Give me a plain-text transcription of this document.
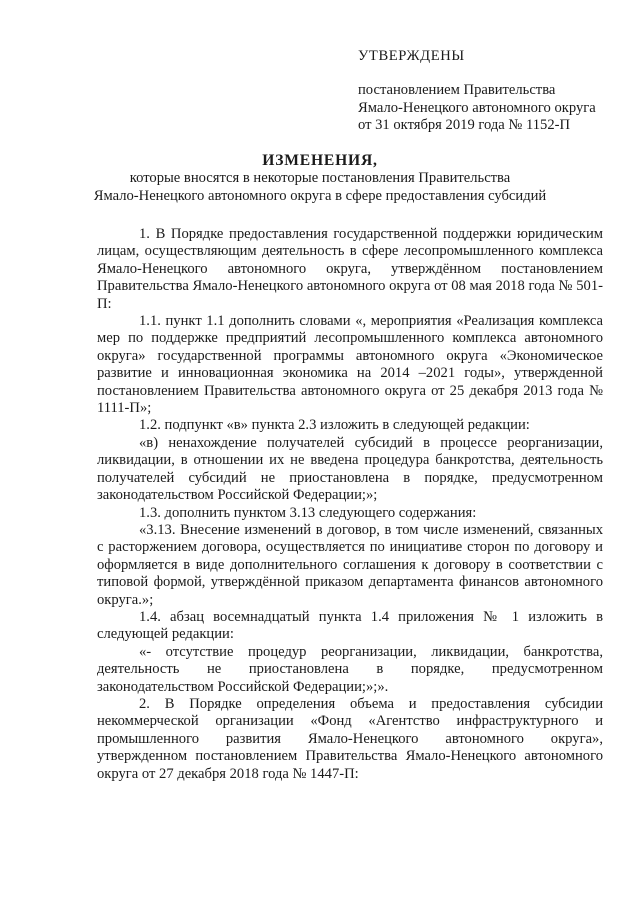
УТВЕРЖДЕНЫ
постановлением Правительства
Ямало-Ненецкого автономного округа
от 31 октября 2019 года № 1152-П
ИЗМЕНЕНИЯ,
которые вносятся в некоторые постановления Правительства
Ямало-Ненецкого автономного округа в сфере предоставления субсидий

1. В Порядке предоставления государственной поддержки юридическим лицам, осуществляющим деятельность в сфере лесопромышленного комплекса Ямало-Ненецкого автономного округа, утверждённом постановлением Правительства Ямало-Ненецкого автономного округа от 08 мая 2018 года № 501-П:

1.1. пункт 1.1 дополнить словами «, мероприятия «Реализация комплекса мер по поддержке предприятий лесопромышленного комплекса автономного округа» государственной программы автономного округа «Экономическое развитие и инновационная экономика на 2014 –2021 годы», утвержденной постановлением Правительства автономного округа от 25 декабря 2013 года № 1111-П»;

1.2. подпункт «в» пункта 2.3 изложить в следующей редакции:

«в) ненахождение получателей субсидий в процессе реорганизации, ликвидации, в отношении их не введена процедура банкротства, деятельность получателей субсидий не приостановлена в порядке, предусмотренном законодательством Российской Федерации;»;

1.3. дополнить пунктом 3.13 следующего содержания:

«3.13. Внесение изменений в договор, в том числе изменений, связанных с расторжением договора, осуществляется по инициативе сторон по договору и оформляется в виде дополнительного соглашения к договору в соответствии с типовой формой, утверждённой приказом департамента финансов автономного округа.»;

1.4. абзац восемнадцатый пункта 1.4 приложения № 1 изложить в следующей редакции:

«- отсутствие процедур реорганизации, ликвидации, банкротства, деятельность не приостановлена в порядке, предусмотренном законодательством Российской Федерации;»;».

2. В Порядке определения объема и предоставления субсидии некоммерческой организации «Фонд «Агентство инфраструктурного и промышленного развития Ямало-Ненецкого автономного округа», утвержденном постановлением Правительства Ямало-Ненецкого автономного округа от 27 декабря 2018 года № 1447-П:
